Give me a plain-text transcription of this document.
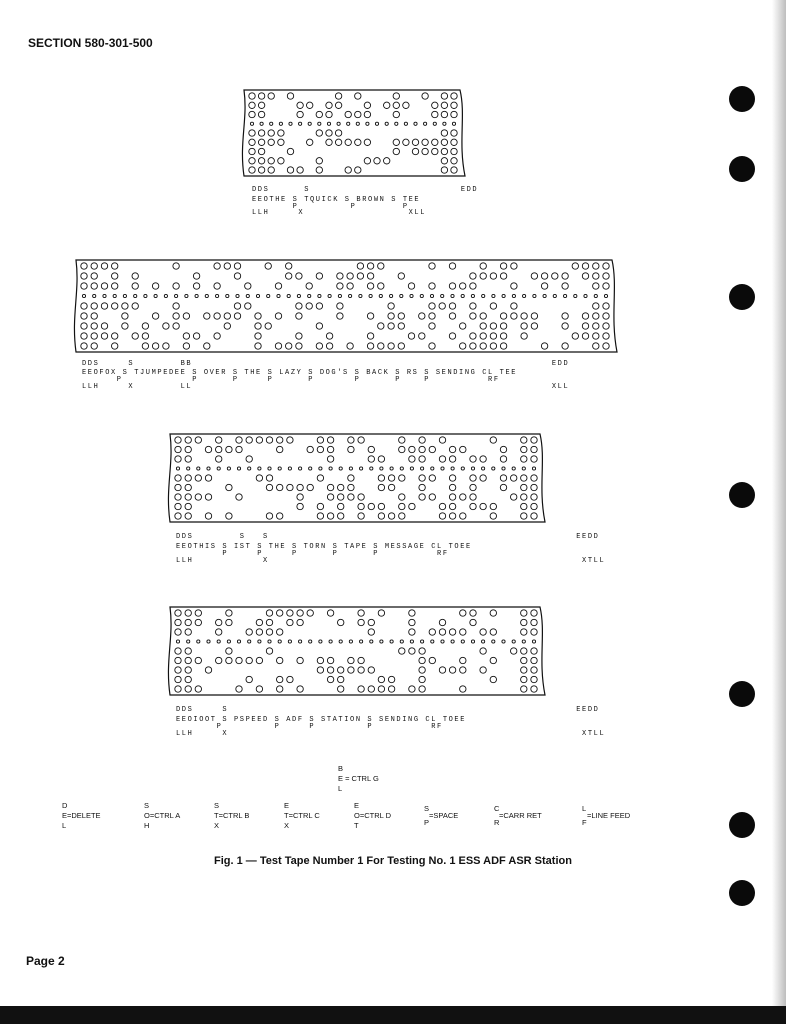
SECTION 580-301-500
DDS      S                          EDD
EEOTHE S TQUICK S BROWN S TEE
P         P        P
LLH     X                  XLL
DDS     S        BB                                                              EDD
EEOFOX S TJUMPEDEE S OVER S THE S LAZY S DOG'S S BACK S RS S SENDING CL TEE
P            P      P     P      P       P      P    P          RF
LLH     X        LL                                                              XLL
DDS        S   S                                                     EEDD
EEOTHIS S IST S THE S TORN S TAPE S MESSAGE CL TOEE
P     P     P      P      P          RF
LLH            X                                                      XTLL
DDS     S                                                            EEDD
EEOIOOT S PSPEED S ADF S STATION S SENDING CL TOEE
P         P     P         P          RF
LLH     X                                                             XTLL
B
E = CTRL G
L
D
E=DELETE
L
S
O=CTRL A
H
S
T=CTRL B
X
E
T=CTRL C
X
E
O=CTRL D
T
S
=SPACE
P
C
=CARR RET
R
L
=LINE FEED
F
Fig. 1 — Test Tape Number 1 For Testing No. 1 ESS ADF ASR Station
Page 2
